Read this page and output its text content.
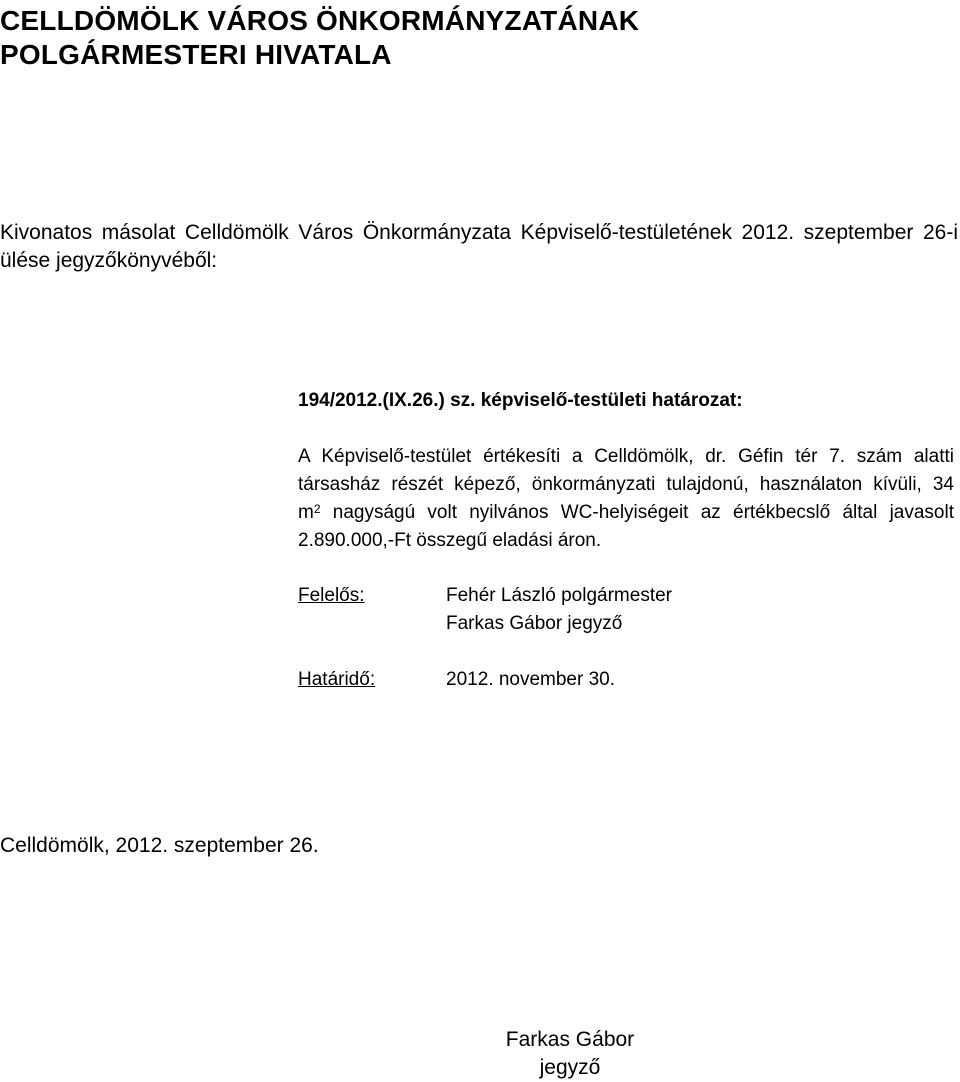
CELLDÖMÖLK VÁROS ÖNKORMÁNYZATÁNAK
POLGÁRMESTERI HIVATALA

Kivonatos másolat Celldömölk Város Önkormányzata Képviselő-testületének 2012. szeptember 26-i

ülése jegyzőkönyvéből:

194/2012.(IX.26.) sz. képviselő-testületi határozat:

A Képviselő-testület értékesíti a Celldömölk, dr. Géfin tér 7. szám alatti
társasház részét képező, önkormányzati tulajdonú, használaton kívüli, 34
$m^2$ nagyságú volt nyilvános WC-helyiségeit az értékbecslő által javasolt
2.890.000,-Ft összegű eladási áron.
Felelős:	Fehér László polgármester
Farkas Gábor jegyző
Határidő:	2012. november 30.
Celldömölk, 2012. szeptember 26.
Farkas Gábor
jegyző
